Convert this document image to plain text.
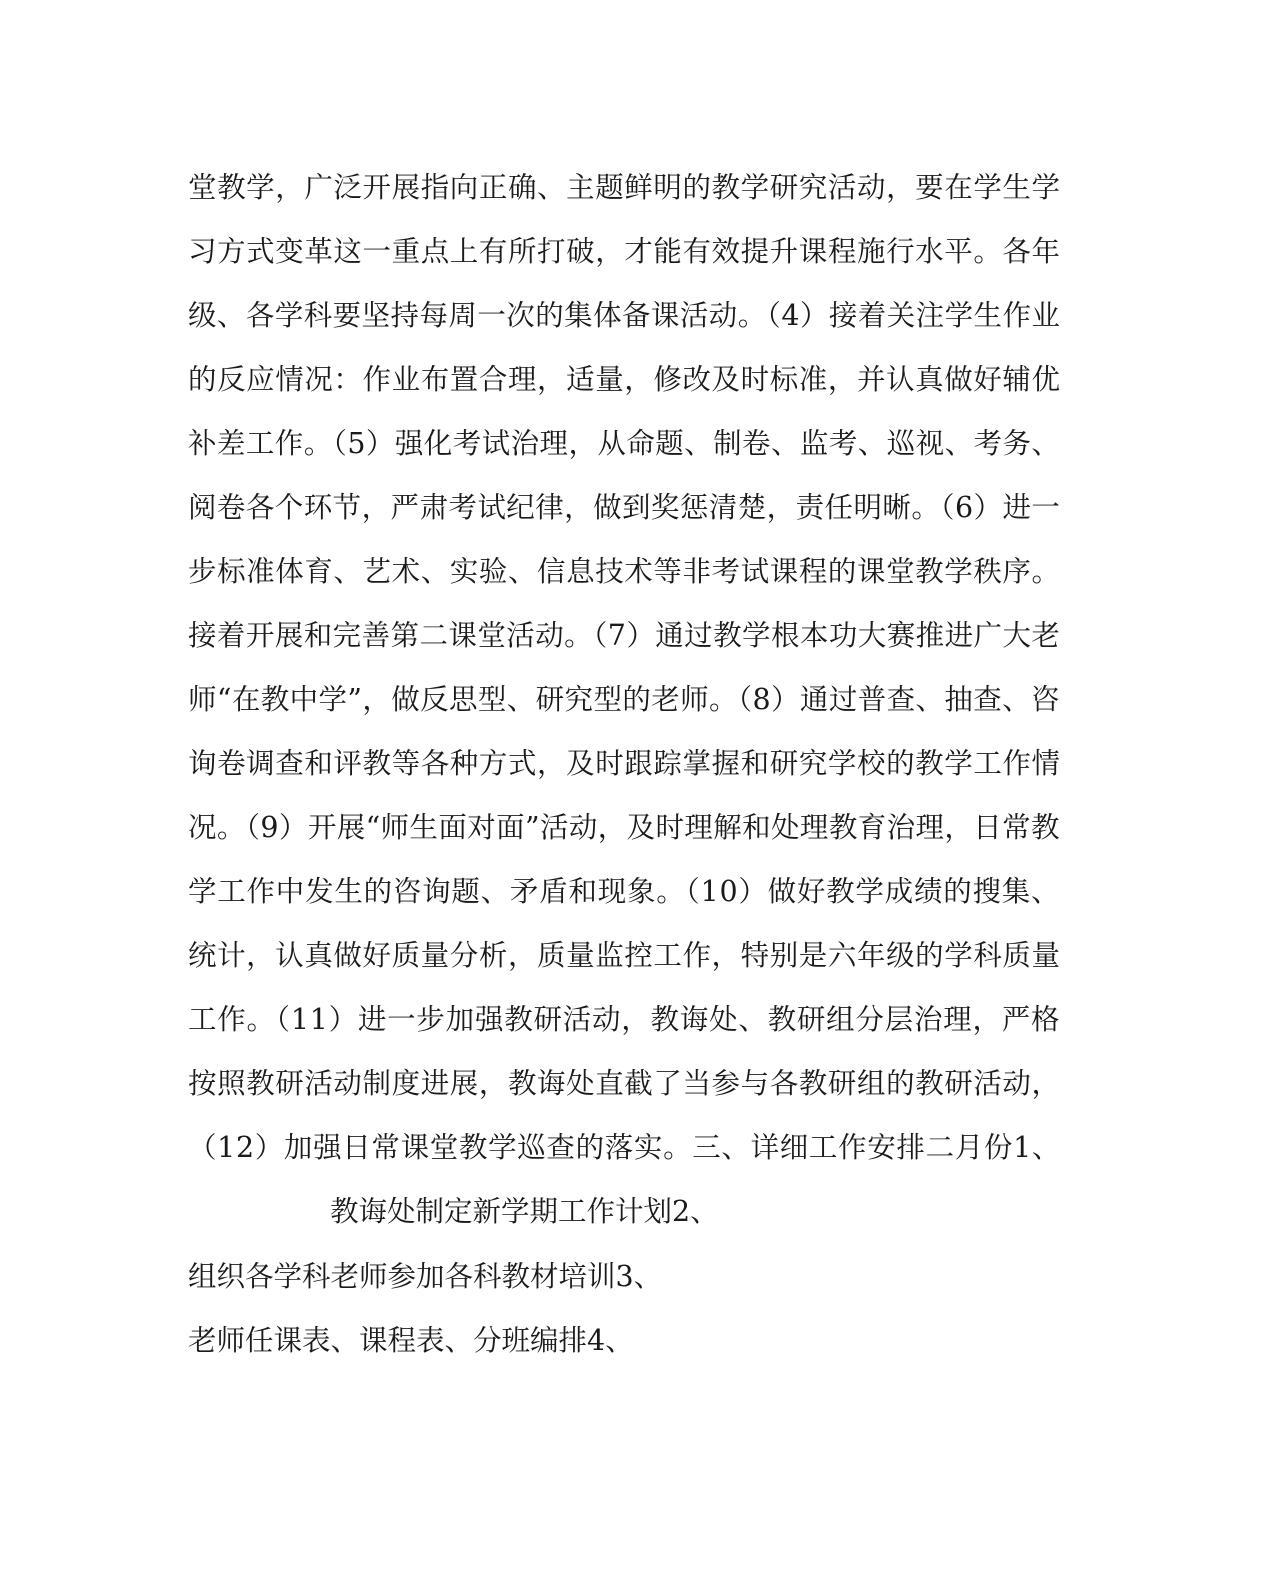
堂教学，广泛开展指向正确、主题鲜明的教学研究活动，要在学生学
习方式变革这一重点上有所打破，才能有效提升课程施行水平。各年
级、各学科要坚持每周一次的集体备课活动。（4）接着关注学生作业
的反应情况：作业布置合理，适量，修改及时标准，并认真做好辅优
补差工作。（5）强化考试治理，从命题、制卷、监考、巡视、考务、
阅卷各个环节，严肃考试纪律，做到奖惩清楚，责任明晰。（6）进一
步标准体育、艺术、实验、信息技术等非考试课程的课堂教学秩序。
接着开展和完善第二课堂活动。（7）通过教学根本功大赛推进广大老
师“在教中学”，做反思型、研究型的老师。（8）通过普查、抽查、咨
询卷调查和评教等各种方式，及时跟踪掌握和研究学校的教学工作情
况。（9）开展“师生面对面”活动，及时理解和处理教育治理，日常教
学工作中发生的咨询题、矛盾和现象。（10）做好教学成绩的搜集、
统计，认真做好质量分析，质量监控工作，特别是六年级的学科质量
工作。（11）进一步加强教研活动，教诲处、教研组分层治理，严格
按照教研活动制度进展，教诲处直截了当参与各教研组的教研活动，
（12）加强日常课堂教学巡查的落实。三、详细工作安排二月份1、
教诲处制定新学期工作计划2、
组织各学科老师参加各科教材培训3、
老师任课表、课程表、分班编排4、
